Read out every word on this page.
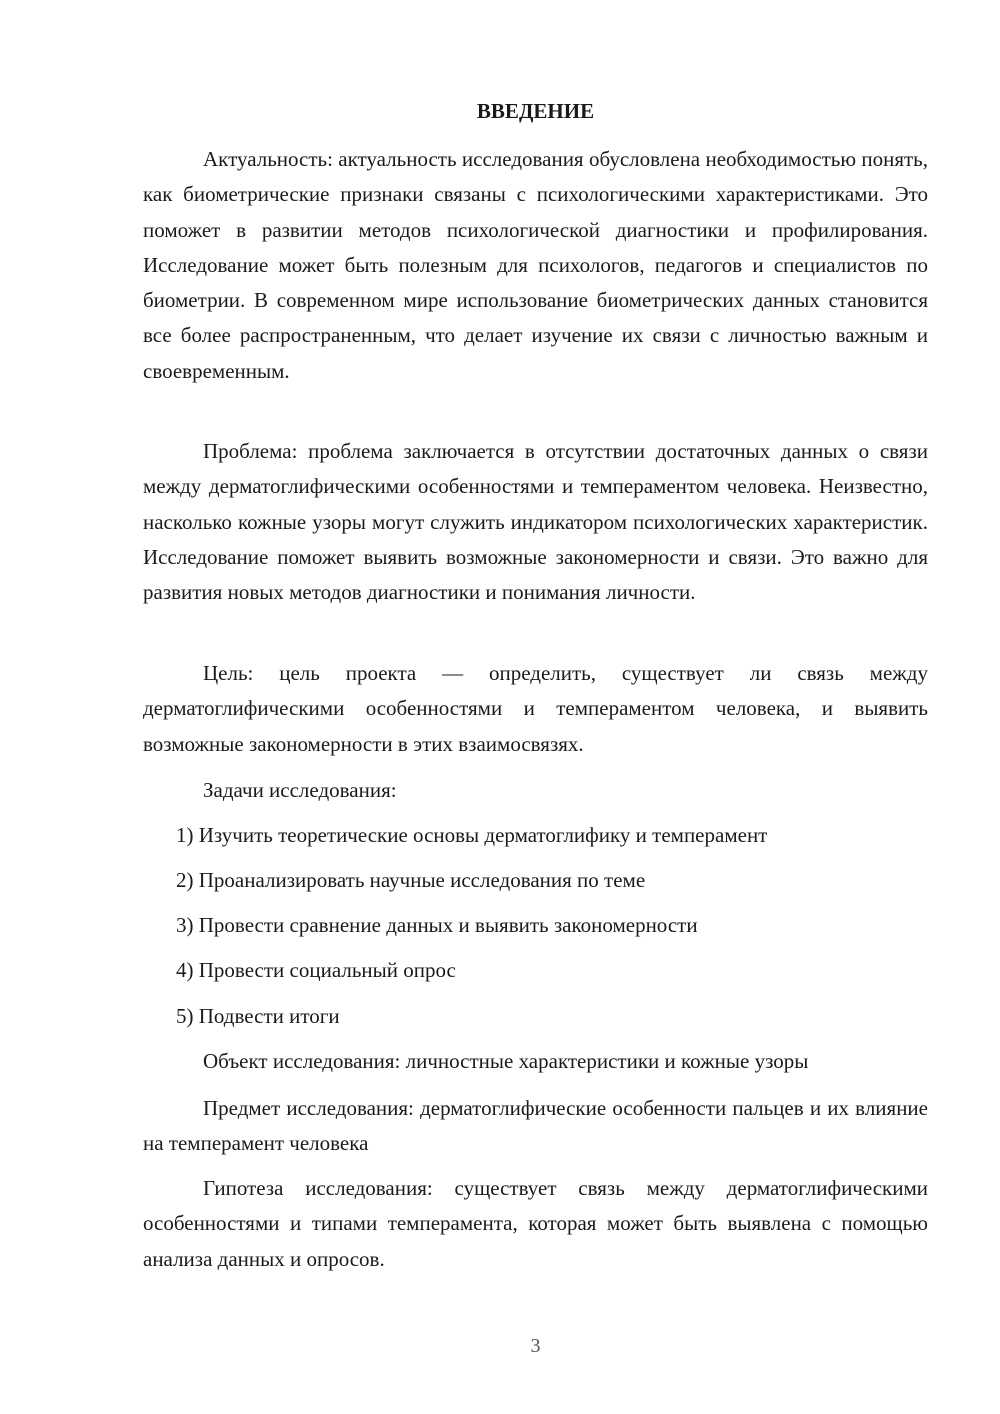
ВВЕДЕНИЕ

Актуальность: актуальность исследования обусловлена необходимостью понять, как биометрические признаки связаны с психологическими характеристиками. Это поможет в развитии методов психологической диагностики и профилирования. Исследование может быть полезным для психологов, педагогов и специалистов по биометрии. В современном мире использование биометрических данных становится все более распространенным, что делает изучение их связи с личностью важным и своевременным.

Проблема: проблема заключается в отсутствии достаточных данных о связи между дерматоглифическими особенностями и темпераментом человека. Неизвестно, насколько кожные узоры могут служить индикатором психологических характеристик. Исследование поможет выявить возможные закономерности и связи. Это важно для развития новых методов диагностики и понимания личности.

Цель: цель проекта — определить, существует ли связь между дерматоглифическими особенностями и темпераментом человека, и выявить возможные закономерности в этих взаимосвязях.

Задачи исследования:

1) Изучить теоретические основы дерматоглифику и темперамент

2) Проанализировать научные исследования по теме

3) Провести сравнение данных и выявить закономерности

4) Провести социальный опрос

5) Подвести итоги

Объект исследования: личностные характеристики и кожные узоры

Предмет исследования: дерматоглифические особенности пальцев и их влияние на темперамент человека

Гипотеза исследования: существует связь между дерматоглифическими особенностями и типами темперамента, которая может быть выявлена с помощью анализа данных и опросов.

3
